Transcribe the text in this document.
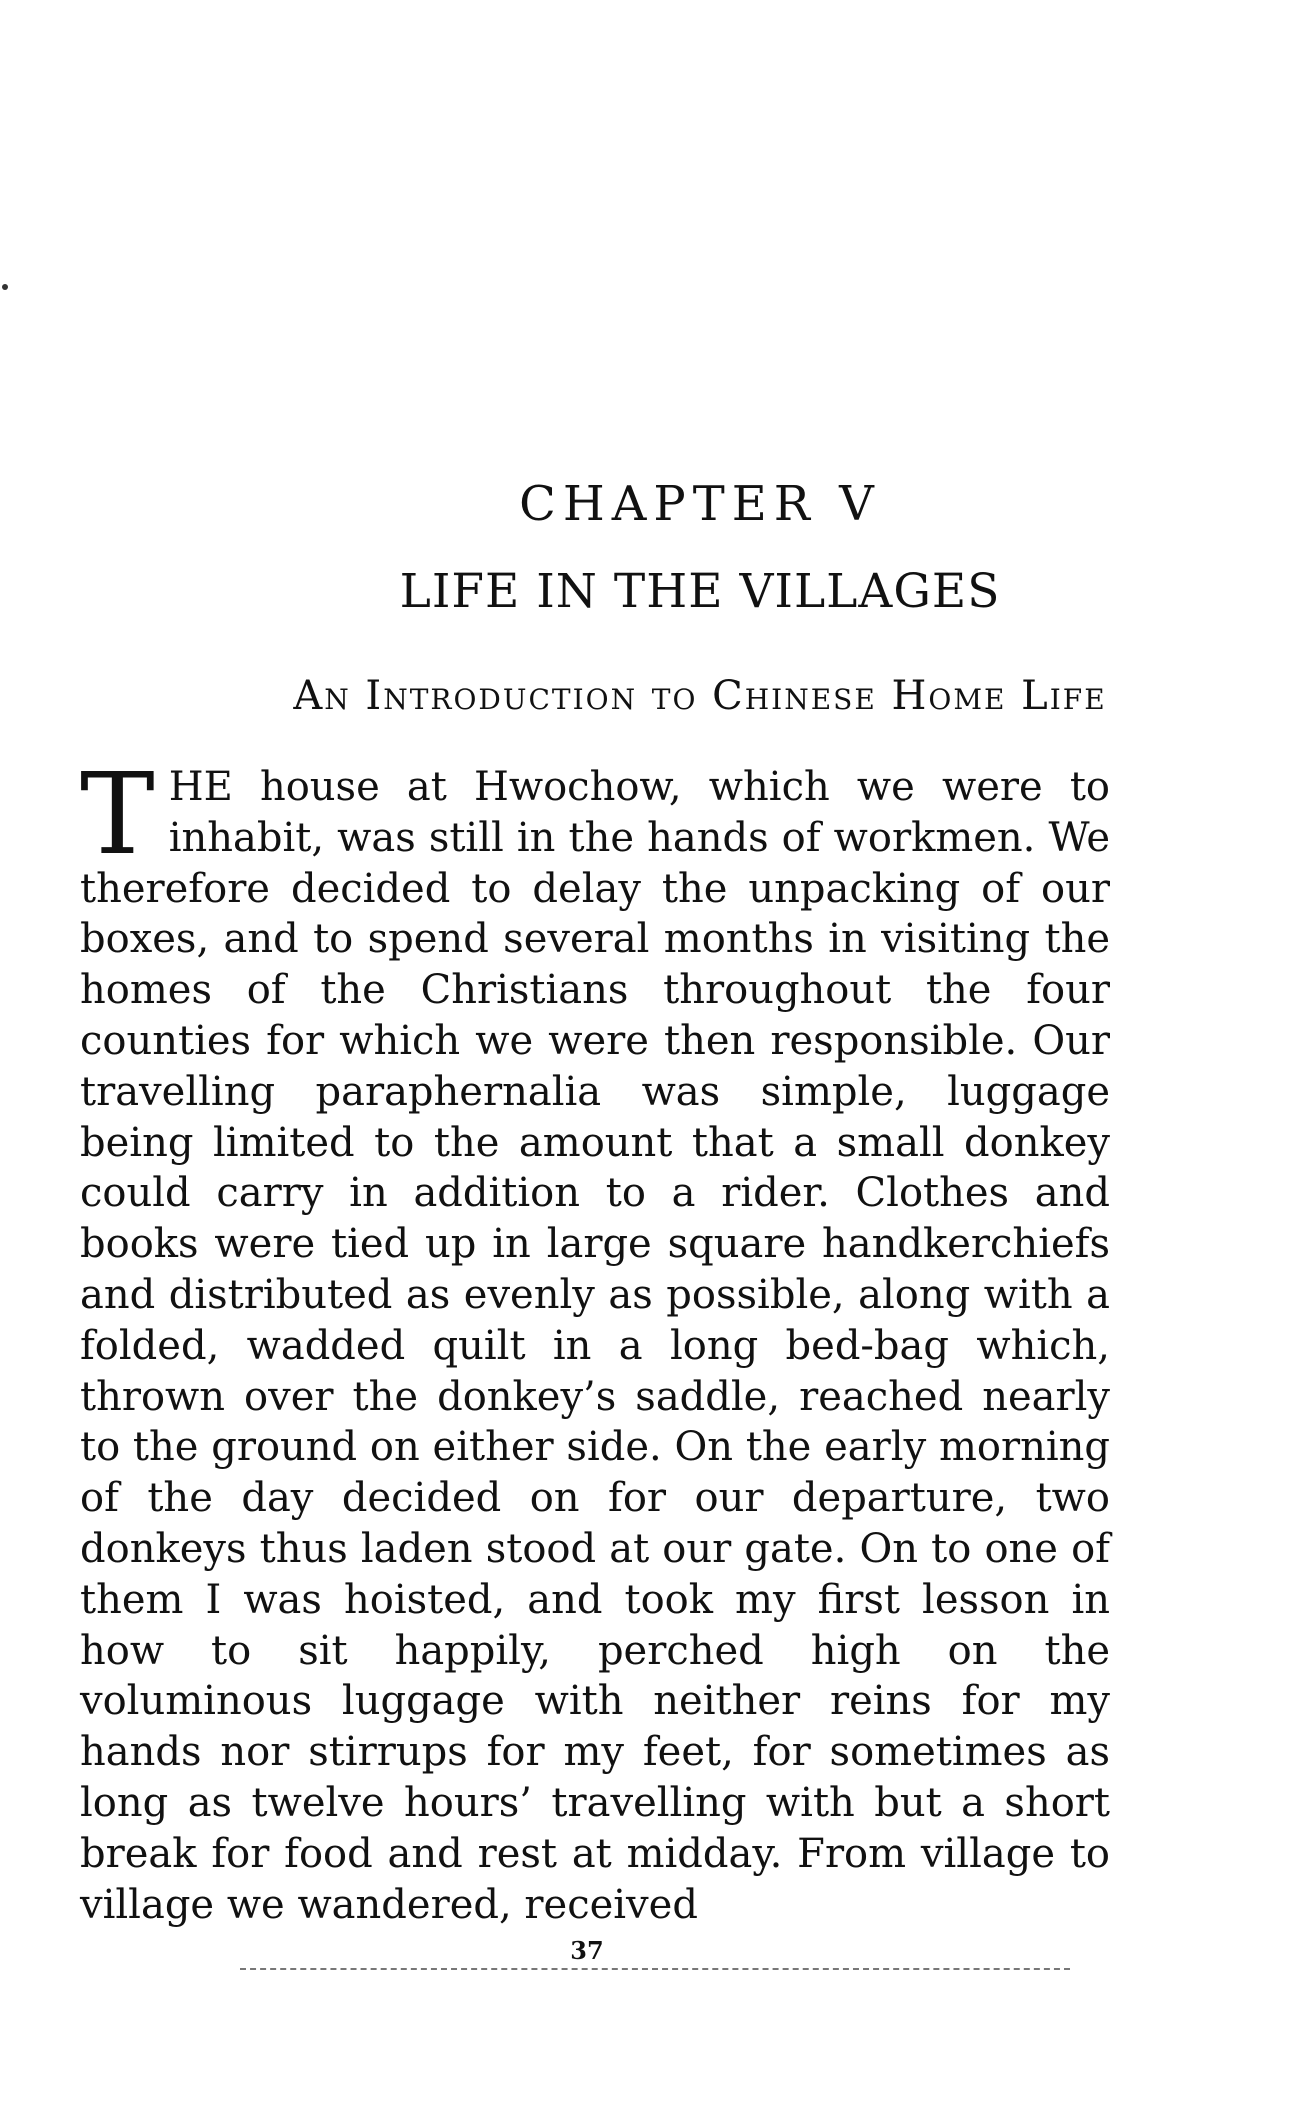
CHAPTER V
LIFE IN THE VILLAGES
An Introduction to Chinese Home Life

THE house at Hwochow, which we were to inhabit, was still in the hands of workmen. We therefore decided to delay the unpacking of our boxes, and to spend several months in visiting the homes of the Christians throughout the four counties for which we were then responsible. Our travelling paraphernalia was simple, luggage being limited to the amount that a small donkey could carry in addition to a rider. Clothes and books were tied up in large square handkerchiefs and distributed as evenly as possible, along with a folded, wadded quilt in a long bed-bag which, thrown over the donkey’s saddle, reached nearly to the ground on either side. On the early morning of the day decided on for our departure, two donkeys thus laden stood at our gate. On to one of them I was hoisted, and took my first lesson in how to sit happily, perched high on the voluminous luggage with neither reins for my hands nor stirrups for my feet, for sometimes as long as twelve hours’ travelling with but a short break for food and rest at midday. From village to village we wandered, received

37
